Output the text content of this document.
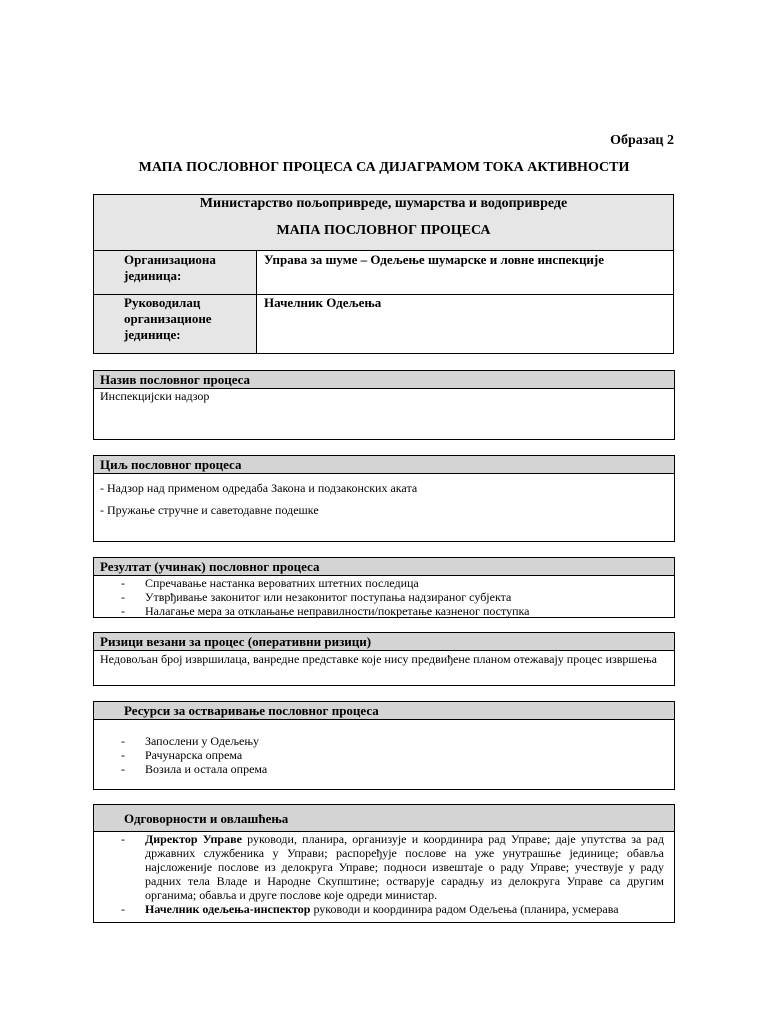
Образац 2
МАПА ПОСЛОВНОГ ПРОЦЕСА СА ДИЈАГРАМОМ ТОКА АКТИВНОСТИ
Министарство пољопривреде, шумарства и водопривреде
МАПА ПОСЛОВНОГ ПРОЦЕСА
Организациона јединица:
Управа за шуме – Одељење шумарске и ловне инспекције
Руководилац организационе јединице:
Начелник Одељења
Назив пословног процеса
Инспекцијски надзор
Циљ пословног процеса
- Надзор над применом одредаба Закона и подзаконских аката
- Пружање стручне и саветодавне подешке
Резултат (учинак) пословног процеса
- Спречавање настанка вероватних штетних последица
- Утврђивање законитог или незаконитог поступања надзираног субјекта
- Налагање мера за отклањање неправилности/покретање казненог поступка
Ризици везани за процес (оперативни ризици)
Недовољан број извршилаца, ванредне представке које нису предвиђене планом отежавају процес извршења
Ресурси за остваривање пословног процеса
- Запослени у Одељењу
- Рачунарска опрема
- Возила и остала опрема
Одговорности и овлашћења
- Директор Управе руководи, планира, организује и координира рад Управе; даје упутства за рад државних службеника у Управи; распоређује послове на уже унутрашње јединице; обавља најсложеније послове из делокруга Управе; подноси извештаје о раду Управе; учествује у раду радних тела Владе и Народне Скупштине; остварује сарадњу из делокруга Управе са другим органима; обавља и друге послове које одреди министар.
- Начелник одељења-инспектор руководи и координира радом Одељења (планира, усмерава
